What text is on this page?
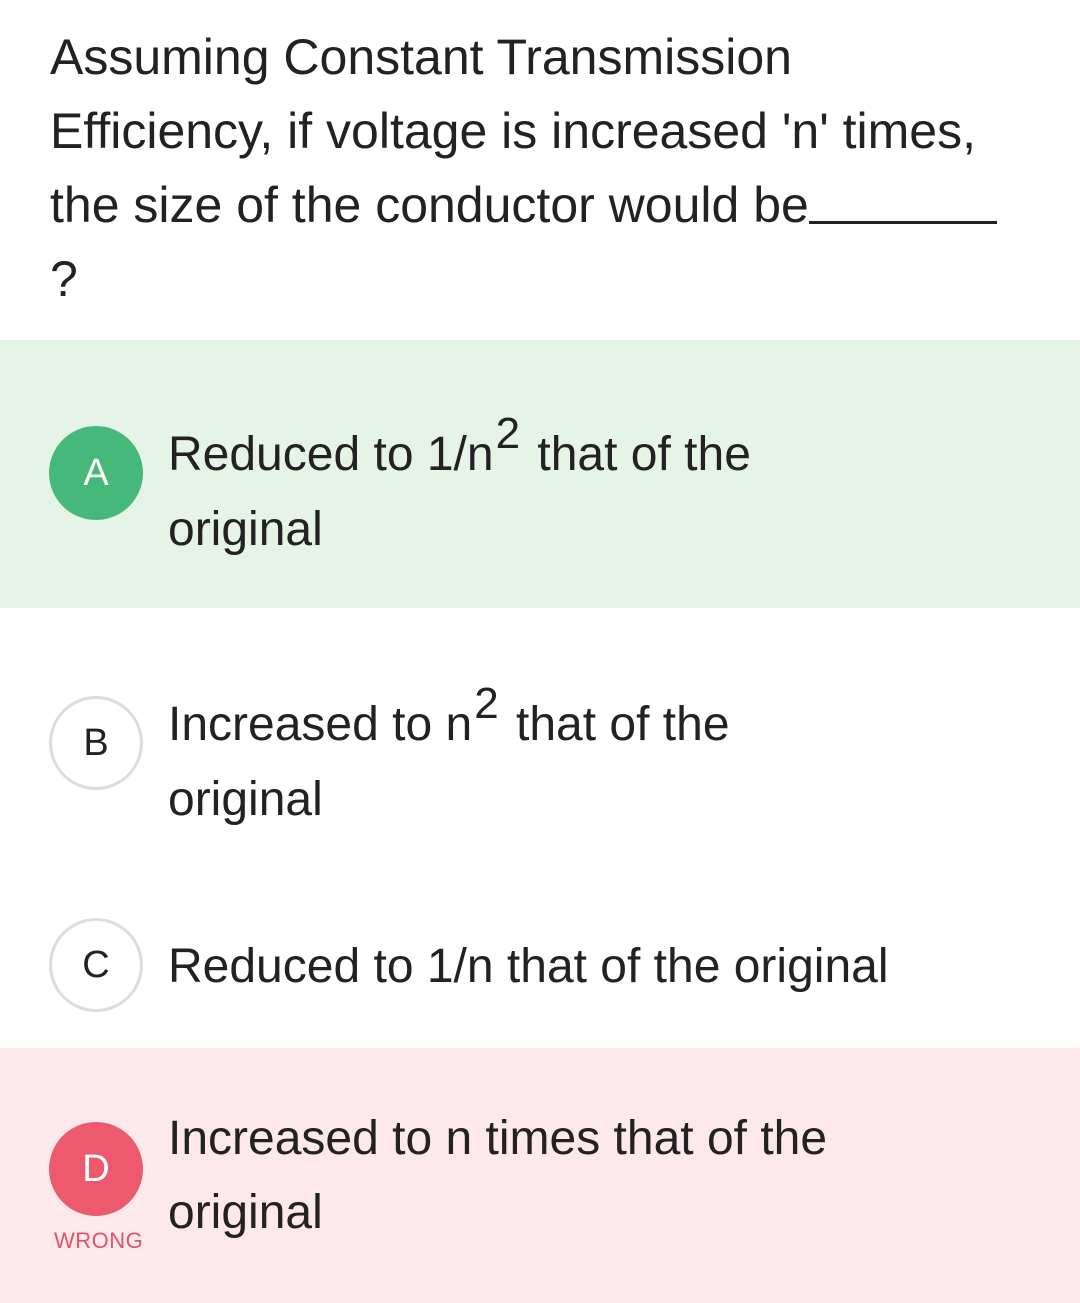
Assuming Constant Transmission Efficiency, if voltage is increased 'n' times, the size of the conductor would be?
A Reduced to 1/n2 that of the
original
B Increased to n2 that of the
original
C Reduced to 1/n that of the original
D
WRONG
Increased to n times that of the
original
